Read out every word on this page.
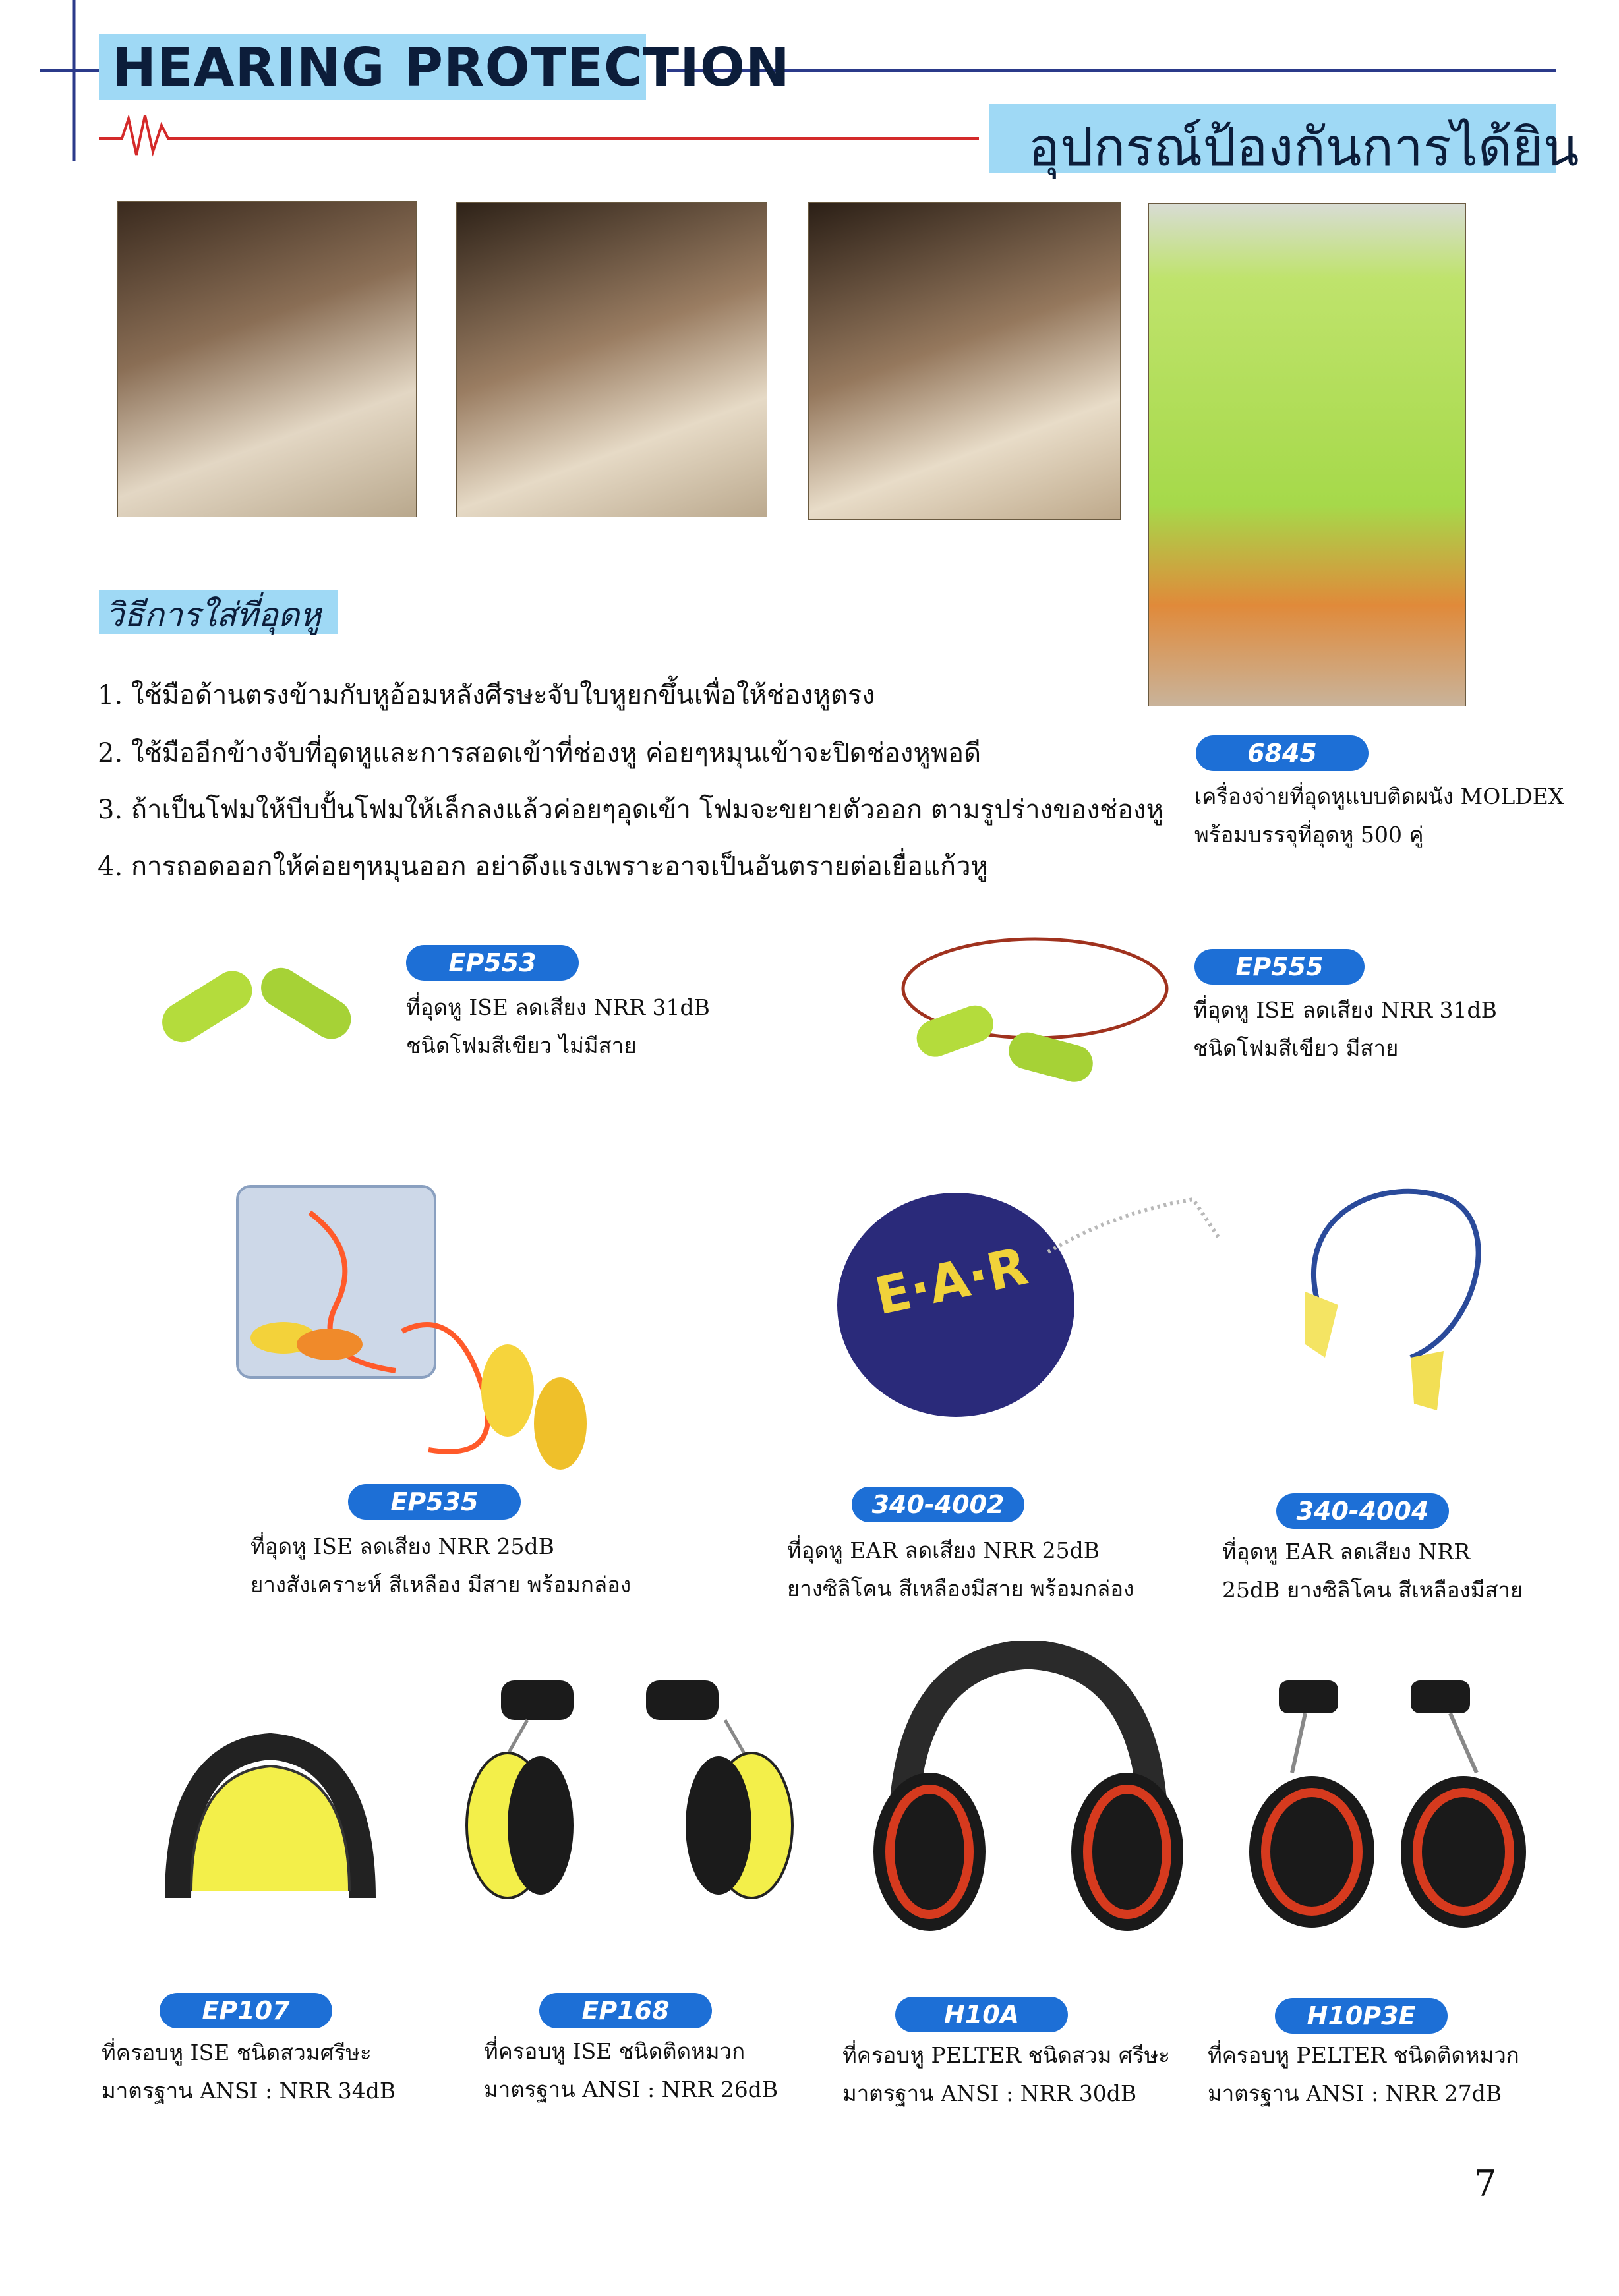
HEARING PROTECTION
อุปกรณ์ป้องกันการได้ยิน
วิธีการใส่ที่อุดหู
1. ใช้มือด้านตรงข้ามกับหูอ้อมหลังศีรษะจับใบหูยกขึ้นเพื่อให้ช่องหูตรง
2. ใช้มืออีกข้างจับที่อุดหูและการสอดเข้าที่ช่องหู ค่อยๆหมุนเข้าจะปิดช่องหูพอดี
3. ถ้าเป็นโฟมให้บีบปั้นโฟมให้เล็กลงแล้วค่อยๆอุดเข้า โฟมจะขยายตัวออก ตามรูปร่างของช่องหู
4. การถอดออกให้ค่อยๆหมุนออก อย่าดึงแรงเพราะอาจเป็นอันตรายต่อเยื่อแก้วหู
6845
เครื่องจ่ายที่อุดหูแบบติดผนัง MOLDEX
พร้อมบรรจุที่อุดหู 500 คู่
EP553
ที่อุดหู ISE ลดเสียง NRR 31dB
ชนิดโฟมสีเขียว ไม่มีสาย
EP555
ที่อุดหู ISE ลดเสียง NRR 31dB
ชนิดโฟมสีเขียว มีสาย
EP535
ที่อุดหู ISE ลดเสียง NRR 25dB
ยางสังเคราะห์ สีเหลือง มีสาย พร้อมกล่อง
E·A·R
340-4002
ที่อุดหู EAR ลดเสียง NRR 25dB
ยางซิลิโคน สีเหลืองมีสาย พร้อมกล่อง
340-4004
ที่อุดหู EAR ลดเสียง NRR
25dB ยางซิลิโคน สีเหลืองมีสาย
EP107
ที่ครอบหู ISE ชนิดสวมศรีษะ
มาตรฐาน ANSI : NRR 34dB
EP168
ที่ครอบหู ISE ชนิดติดหมวก
มาตรฐาน ANSI : NRR 26dB
H10A
ที่ครอบหู PELTER ชนิดสวม ศรีษะ
มาตรฐาน ANSI : NRR 30dB
H10P3E
ที่ครอบหู PELTER ชนิดติดหมวก
มาตรฐาน ANSI : NRR 27dB
7
